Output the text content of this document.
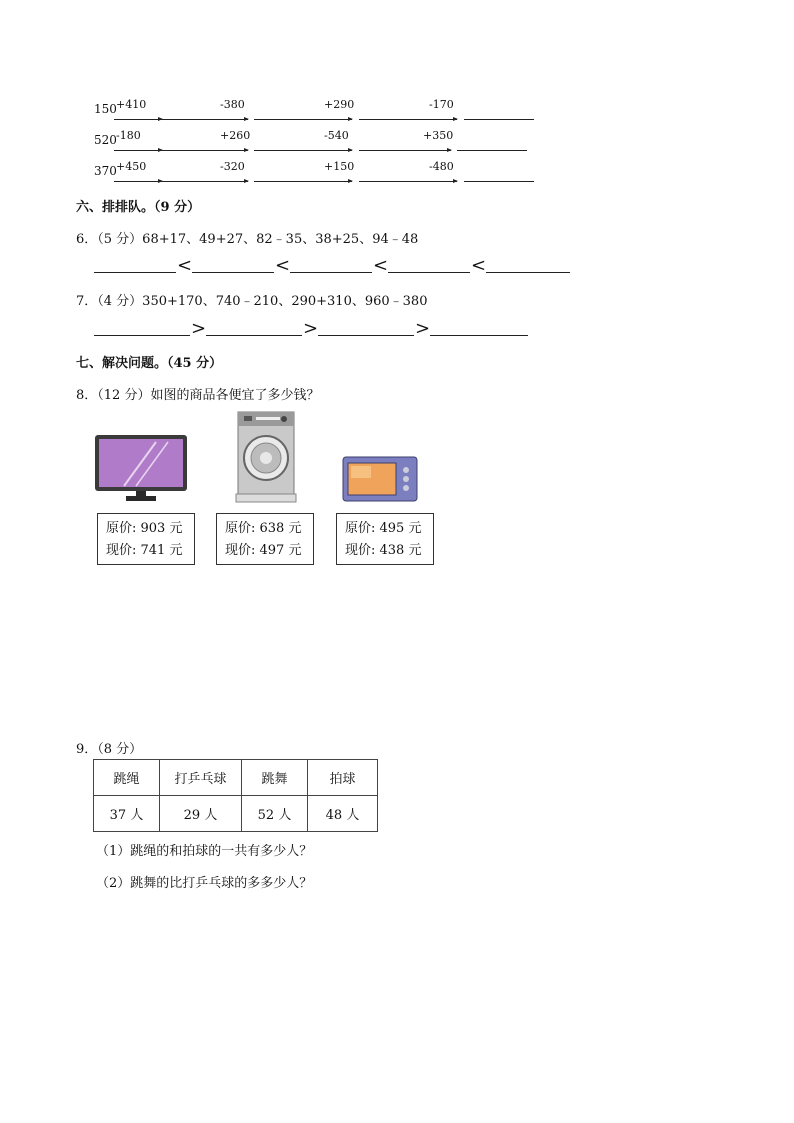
150 +410	-380	+290	-170
520 -180	+260	-540	+350
370 +450	-320	+150	-480
六、排排队。（9 分）
6．（5 分）68+17、49+27、82﹣35、38+25、94﹣48
<	<	<	<
7．（4 分）350+170、740﹣210、290+310、960﹣380
>	>	>
七、解决问题。（45 分）
8．（12 分）如图的商品各便宜了多少钱？
原价: 903 元
现价: 741 元
原价: 638 元
现价: 497 元
原价: 495 元
现价: 438 元
9．（8 分）
跳绳	打乒乓球	跳舞	拍球
37 人	29 人	52 人	48 人
（1）跳绳的和拍球的一共有多少人？
（2）跳舞的比打乒乓球的多多少人？
